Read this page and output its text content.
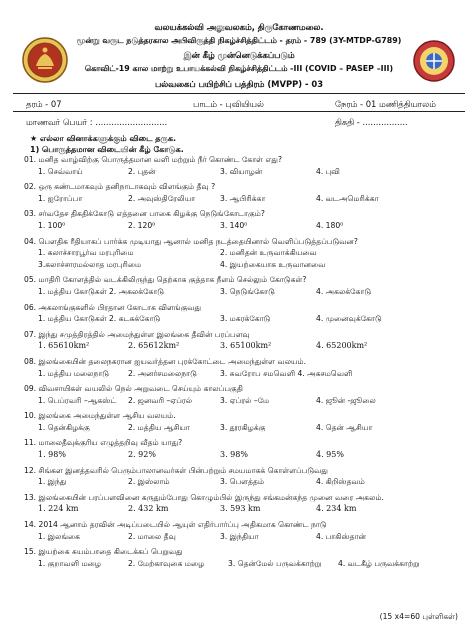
வலயக்கல்வி அலுவலகம், திருகோணமலை.
மூன்று வருட நடுத்தரகால அபிவிருத்தி நிகழ்ச்சித்திட்டம் - தரம் - 789 (3Y-MTDP-G789)
இன் கீழ் முன்னெடுக்கப்படும்
கொவிட்-19 கால மாற்று உபாயக்கல்வி நிகழ்ச்சித்திட்டம் -III (COVID – PASEP –III)
பல்வகைப் பயிற்சிப் பத்திரம் (MVPP) - 03
தரம் - 07	பாடம் - புவியியல்	நேரம் - 01 மணித்தியாலம்
மாணவர் பெயர் : ...........................	திகதி - .................
★ எல்லா வினாக்களுக்கும் விடை தருக.
1) பொருத்தமான விடையின் கீழ் கோடுக.
01. மனித வாழ்விற்கு பொருத்தமான வளி மற்றும் நீர் கொண்ட கோள் எது?
1. செவ்வாய்	2. புதன்	3. வியாழன்	4. புவி
02. ஒரு கண்டமாகவும் தனிநாடாகவும் விளங்கும் தீவு ?
1. ஐரோப்பா	2. அவுஸ்திரேலியா	3. ஆபிரிக்கா	4. வடஅமெரிக்கா
03. சர்வதேச திகதிக்கோடு எத்தனை பாகை கிழக்கு நெடுங்கோடாகும்?
1. 100⁰	2. 120⁰	3. 140⁰	4. 180⁰
04. பௌதிக ரீதியாகப் பார்க்க முடியாது ஆனால் மனித நடத்தையினால் வெளிப்படுத்தப்படுவன?
1. கலாச்சாரபூர்வ மரபுரிமை	2. மனிதன் உருவாக்கியவை
3.கலாச்சாரமல்லாத மரபுரிமை	4. இயற்கையாக உருவானவை
05. மாதிரி கோளத்தில் வடக்கிலிருந்து தெற்காக குத்தாக நீளம் செல்லும் கோடுகள்?
1. மத்திய கோடுகள் 2. அகலக்கோடு	3. நெடுங்கோடு	4. அகலக்கோடு
06. அகலாங்குகளில் பிரதான கோடாக விளங்குவது
1. மத்திய கோடுகள் 2. கடகக்கோடு	3. மகரக்கோடு	4. முனைவுக்கோடு
07. இந்து சமுத்திரத்தில் அமைந்துள்ள இலங்கை தீவின் பரப்பளவு
1. 65610km²	2. 65612km²	3. 65100km²	4. 65200km²
08. இலங்கையின் தலைநகரான ஐயவர்த்தன புரக்கோட்டை அமைந்துள்ள வலயம்.
1. மத்திய மலைநாடு 2. அனர்சமலைநாடு	3. சுவரோப சமவெளி 4. அகசமவெளி
09. விவசாயிகள் வயலில் நெல் அறுவடை செய்யும் காலப்பகுதி
1. பெப்ரவரி –ஆகஸ்ட் 2. ஜனவரி –ஏப்ரல்	3. ஏப்ரல் –மே	4. ஜூன் -ஜூலை
10. இலங்கை அமைந்துள்ள ஆசிய வலயம்.
1. தென்கிழக்கு	2. மத்திய ஆசியா	3. தூரகிழக்கு	4. தென் ஆசியா
11. மாலைதீவுக்குரிய எழுத்தறிவு வீதம் யாது?
1. 98%	2. 92%	3. 98%	4. 95%
12. சிங்கள இனத்தவரில் பெரும்பாலானவர்கள் பின்பற்றும் சமயமாகக் கொள்ளப்படுவது
1. இந்து	2. இஸ்லாம்	3. பௌத்தம்	4. கிறிஸ்தவம்
13. இலங்கையின் பரப்பளவினை கருதும்போது கொழும்பில் இருந்து சங்கமன்கந்த முனை வரை அகலம்.
1. 224 km	2. 432 km	3. 593 km	4. 234 km
14. 2014 ஆனாம் தரவின் அடிப்படையில் ஆயுள் எதிர்பார்ப்பு அதிகமாக கொண்ட நாடு
1. இலங்கை	2. மாலை தீவு	3. இந்தியா	4. பாகிஸ்தான்
15. இயற்கை சுயம்பாதை கிடைக்கப் பெறுவது
1. குறாவளி மழை	2. மேற்காவுகை மழை	3. தென்மேல் பருவக்காற்று 4. வடகீழ் பருவக்காற்று
(15 x4=60 புள்ளிகள்)
